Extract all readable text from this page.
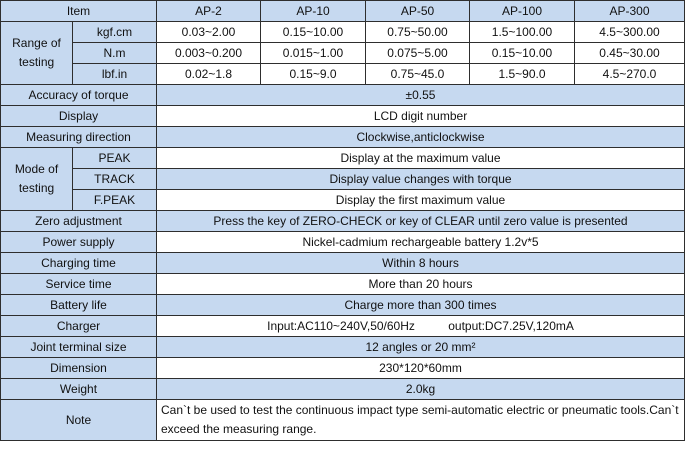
Item		AP-2	AP-10	AP-50	AP-100	AP-300
Range of testing	kgf.cm	0.03~2.00	0.15~10.00	0.75~50.00	1.5~100.00	4.5~300.00
	N.m	0.003~0.200	0.015~1.00	0.075~5.00	0.15~10.00	0.45~30.00
	lbf.in	0.02~1.8	0.15~9.0	0.75~45.0	1.5~90.0	4.5~270.0
Accuracy of torque		±0.55				
Display		LCD digit number				
Measuring direction		Clockwise,anticlockwise				
Mode of testing	PEAK	Display at the maximum value				
	TRACK	Display value changes with torque				
	F.PEAK	Display the first maximum value				
Zero adjustment		Press the key of ZERO-CHECK or key of CLEAR until zero value is presented				
Power supply		Nickel-cadmium rechargeable battery 1.2v*5				
Charging time		Within 8 hours				
Service time		More than 20 hours				
Battery life		Charge more than 300 times				
Charger		Input:AC110~240V,50/60Hz          output:DC7.25V,120mA				
Joint terminal size		12 angles or 20 mm²				
Dimension		230*120*60mm				
Weight		2.0kg				
Note		Can`t be used to test the continuous impact type semi-automatic electric or pneumatic tools.Can`t exceed the measuring range.				
